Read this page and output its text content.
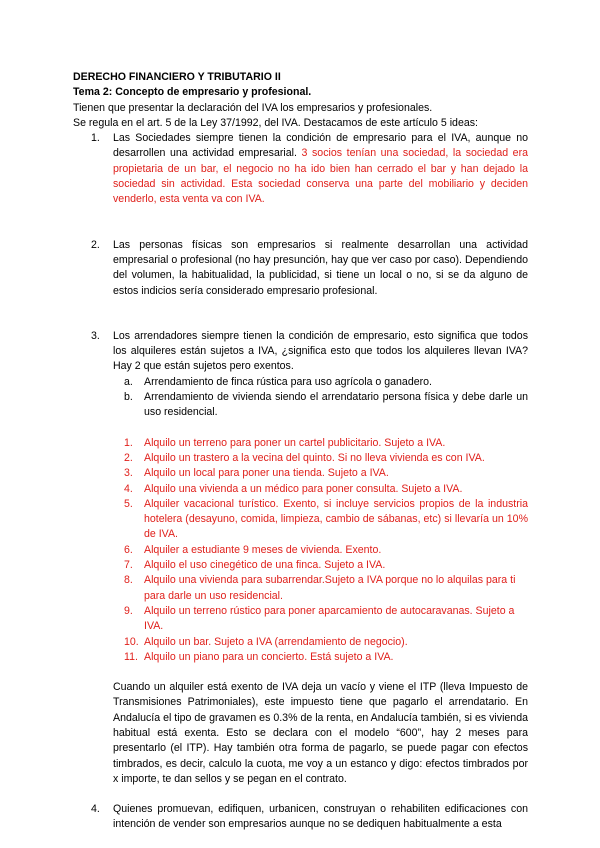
DERECHO FINANCIERO Y TRIBUTARIO II

Tema 2: Concepto de empresario y profesional.

Tienen que presentar la declaración del IVA los empresarios y profesionales.

Se regula en el art. 5 de la Ley 37/1992, del IVA. Destacamos de este artículo 5 ideas:

1.	Las Sociedades siempre tienen la condición de empresario para el IVA, aunque no desarrollen una actividad empresarial. 3 socios tenían una sociedad, la sociedad era propietaria de un bar, el negocio no ha ido bien han cerrado el bar y han dejado la sociedad sin actividad. Esta sociedad conserva una parte del mobiliario y deciden venderlo, esta venta va con IVA.
2.	Las personas físicas son empresarios si realmente desarrollan una actividad empresarial o profesional (no hay presunción, hay que ver caso por caso). Dependiendo del volumen, la habitualidad, la publicidad, si tiene un local o no, si se da alguno de estos indicios sería considerado empresario profesional.
3.	Los arrendadores siempre tienen la condición de empresario, esto significa que todos los alquileres están sujetos a IVA, ¿significa esto que todos los alquileres llevan IVA? Hay 2 que están sujetos pero exentos.
a.	Arrendamiento de finca rústica para uso agrícola o ganadero.
b.	Arrendamiento de vivienda siendo el arrendatario persona física y debe darle un uso residencial.
1.	Alquilo un terreno para poner un cartel publicitario. Sujeto a IVA.
2.	Alquilo un trastero a la vecina del quinto. Si no lleva vivienda es con IVA.
3.	Alquilo un local para poner una tienda. Sujeto a IVA.
4.	Alquilo una vivienda a un médico para poner consulta. Sujeto a IVA.
5.	Alquiler vacacional turístico. Exento, si incluye servicios propios de la industria hotelera (desayuno, comida, limpieza, cambio de sábanas, etc) si llevaría un 10% de IVA.
6.	Alquiler a estudiante 9 meses de vivienda. Exento.
7.	Alquilo el uso cinegético de una finca. Sujeto a IVA.
8.	Alquilo una vivienda para subarrendar.Sujeto a IVA porque no lo alquilas para ti para darle un uso residencial.
9.	Alquilo un terreno rústico para poner aparcamiento de autocaravanas. Sujeto a IVA.
10. Alquilo un bar. Sujeto a IVA (arrendamiento de negocio).
11. Alquilo un piano para un concierto. Está sujeto a IVA.

Cuando un alquiler está exento de IVA deja un vacío y viene el ITP (lleva Impuesto de Transmisiones Patrimoniales), este impuesto tiene que pagarlo el arrendatario. En Andalucía el tipo de gravamen es 0.3% de la renta, en Andalucía también, si es vivienda habitual está exenta. Esto se declara con el modelo “600”, hay 2 meses para presentarlo (el ITP). Hay también otra forma de pagarlo, se puede pagar con efectos timbrados, es decir, calculo la cuota, me voy a un estanco y digo: efectos timbrados por x importe, te dan sellos y se pegan en el contrato.

4.	Quienes promuevan, edifiquen, urbanicen, construyan o rehabiliten edificaciones con intención de vender son empresarios aunque no se dediquen habitualmente a esta
